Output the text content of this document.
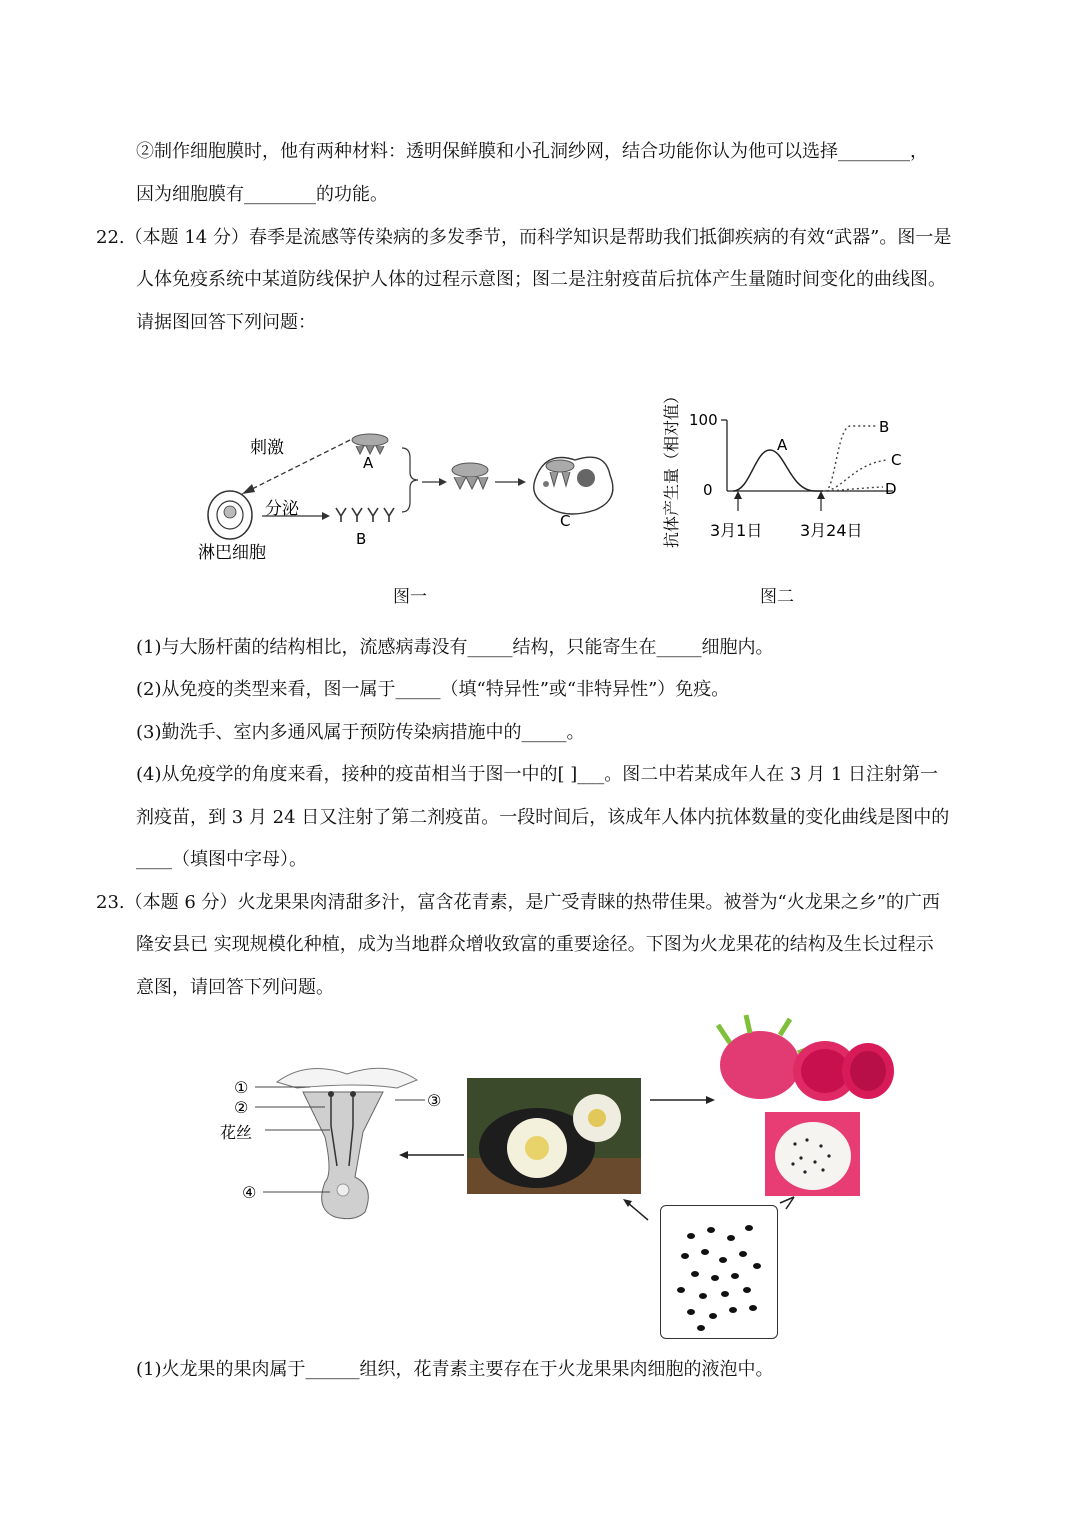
②制作细胞膜时，他有两种材料：透明保鲜膜和小孔洞纱网，结合功能你认为他可以选择________，
因为细胞膜有________的功能。
22.（本题 14 分）春季是流感等传染病的多发季节，而科学知识是帮助我们抵御疾病的有效“武器”。图一是
人体免疫系统中某道防线保护人体的过程示意图；图二是注射疫苗后抗体产生量随时间变化的曲线图。
请据图回答下列问题：
刺激
分泌
淋巴细胞
B
A
C
图一
抗体产生量（相对值） 100
0
A
B
C
D
3月1日 3月24日
图二
(1)与大肠杆菌的结构相比，流感病毒没有_____结构，只能寄生在_____细胞内。
(2)从免疫的类型来看，图一属于_____（填“特异性”或“非特异性”）免疫。
(3)勤洗手、室内多通风属于预防传染病措施中的_____。
(4)从免疫学的角度来看，接种的疫苗相当于图一中的[ ]___。图二中若某成年人在 3 月 1 日注射第一
剂疫苗，到 3 月 24 日又注射了第二剂疫苗。一段时间后，该成年人体内抗体数量的变化曲线是图中的
____（填图中字母）。
23.（本题 6 分）火龙果果肉清甜多汁，富含花青素，是广受青睐的热带佳果。被誉为“火龙果之乡”的广西
隆安县已 实现规模化种植，成为当地群众增收致富的重要途径。下图为火龙果花的结构及生长过程示
意图，请回答下列问题。
①
②	③
花丝
④
(1)火龙果的果肉属于______组织，花青素主要存在于火龙果果肉细胞的液泡中。
